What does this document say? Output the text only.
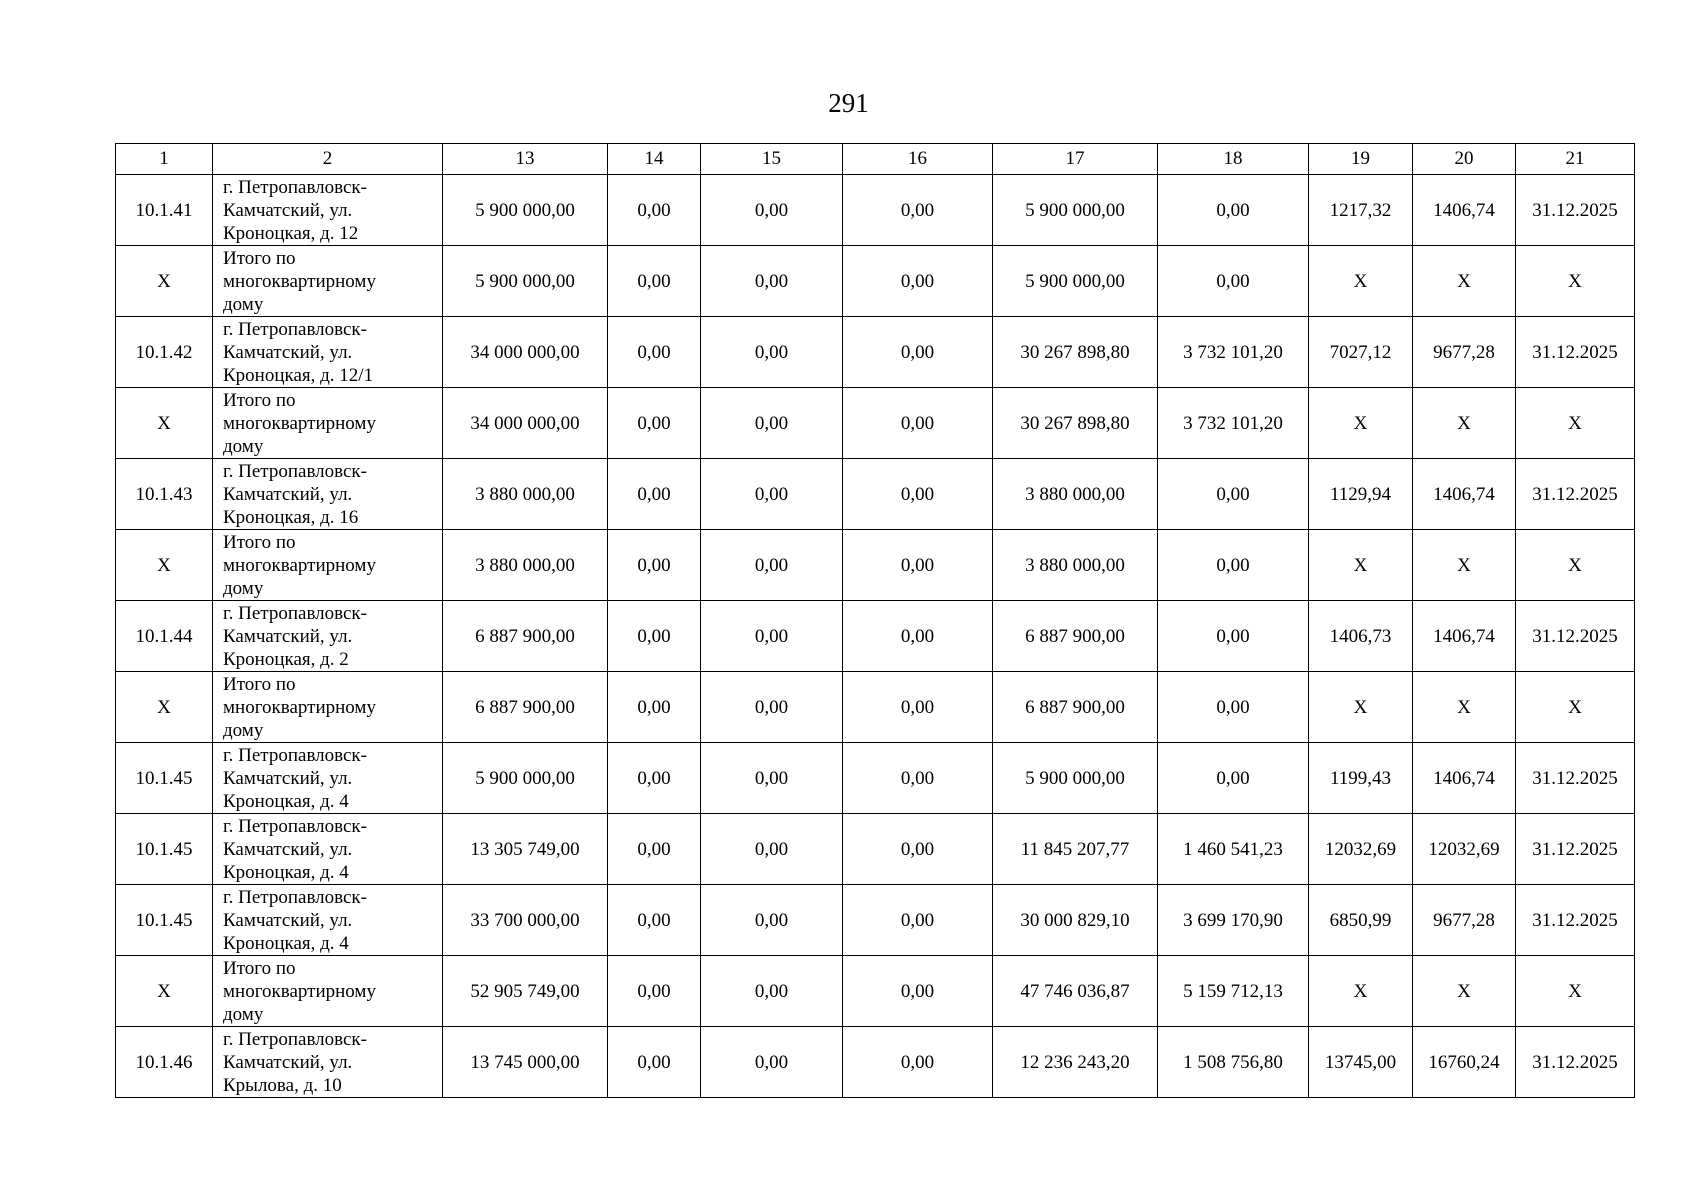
291
1	2	13	14	15	16	17	18	19	20	21
10.1.41	г. Петропавловск-
Камчатский, ул.
Кроноцкая, д. 12	5 900 000,00	0,00	0,00	0,00	5 900 000,00	0,00	1217,32	1406,74	31.12.2025
X	Итого по
многоквартирному
дому	5 900 000,00	0,00	0,00	0,00	5 900 000,00	0,00	X	X	X
10.1.42	г. Петропавловск-
Камчатский, ул.
Кроноцкая, д. 12/1	34 000 000,00	0,00	0,00	0,00	30 267 898,80	3 732 101,20	7027,12	9677,28	31.12.2025
X	Итого по
многоквартирному
дому	34 000 000,00	0,00	0,00	0,00	30 267 898,80	3 732 101,20	X	X	X
10.1.43	г. Петропавловск-
Камчатский, ул.
Кроноцкая, д. 16	3 880 000,00	0,00	0,00	0,00	3 880 000,00	0,00	1129,94	1406,74	31.12.2025
X	Итого по
многоквартирному
дому	3 880 000,00	0,00	0,00	0,00	3 880 000,00	0,00	X	X	X
10.1.44	г. Петропавловск-
Камчатский, ул.
Кроноцкая, д. 2	6 887 900,00	0,00	0,00	0,00	6 887 900,00	0,00	1406,73	1406,74	31.12.2025
X	Итого по
многоквартирному
дому	6 887 900,00	0,00	0,00	0,00	6 887 900,00	0,00	X	X	X
10.1.45	г. Петропавловск-
Камчатский, ул.
Кроноцкая, д. 4	5 900 000,00	0,00	0,00	0,00	5 900 000,00	0,00	1199,43	1406,74	31.12.2025
10.1.45	г. Петропавловск-
Камчатский, ул.
Кроноцкая, д. 4	13 305 749,00	0,00	0,00	0,00	11 845 207,77	1 460 541,23	12032,69	12032,69	31.12.2025
10.1.45	г. Петропавловск-
Камчатский, ул.
Кроноцкая, д. 4	33 700 000,00	0,00	0,00	0,00	30 000 829,10	3 699 170,90	6850,99	9677,28	31.12.2025
X	Итого по
многоквартирному
дому	52 905 749,00	0,00	0,00	0,00	47 746 036,87	5 159 712,13	X	X	X
10.1.46	г. Петропавловск-
Камчатский, ул.
Крылова, д. 10	13 745 000,00	0,00	0,00	0,00	12 236 243,20	1 508 756,80	13745,00	16760,24	31.12.2025
